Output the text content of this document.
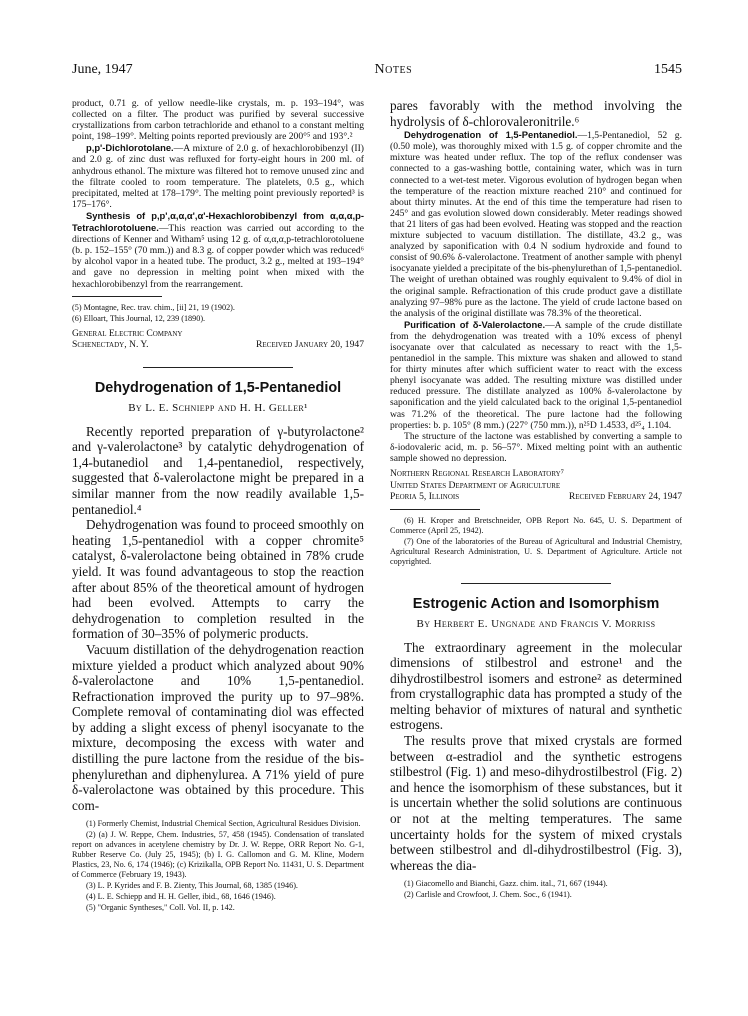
June, 1947	Notes	1545

product, 0.71 g. of yellow needle-like crystals, m. p. 193–194°, was collected on a filter. The product was purified by several successive crystallizations from carbon tetrachloride and ethanol to a constant melting point, 198–199°. Melting points reported previously are 200°⁵ and 193°.²

p,p'-Dichlorotolane.—A mixture of 2.0 g. of hexachlorobibenzyl (II) and 2.0 g. of zinc dust was refluxed for forty-eight hours in 200 ml. of anhydrous ethanol. The mixture was filtered hot to remove unused zinc and the filtrate cooled to room temperature. The platelets, 0.5 g., which precipitated, melted at 178–179°. The melting point previously reported³ is 175–176°.

Synthesis of p,p',α,α,α',α'-Hexachlorobibenzyl from α,α,α,p-Tetrachlorotoluene.—This reaction was carried out according to the directions of Kenner and Witham⁵ using 12 g. of α,α,α,p-tetrachlorotoluene (b. p. 152–155° (70 mm.)) and 8.3 g. of copper powder which was reduced⁶ by alcohol vapor in a heated tube. The product, 3.2 g., melted at 193–194° and gave no depression in melting point when mixed with the hexachlorobibenzyl from the rearrangement.

(5) Montagne, Rec. trav. chim., [ii] 21, 19 (1902).

(6) Elloart, This Journal, 12, 239 (1890).

General Electric Company
Schenectady, N. Y.	Received January 20, 1947
Dehydrogenation of 1,5-Pentanediol
By L. E. Schniepp and H. H. Geller¹

Recently reported preparation of γ-butyrolactone² and γ-valerolactone³ by catalytic dehydrogenation of 1,4-butanediol and 1,4-pentanediol, respectively, suggested that δ-valerolactone might be prepared in a similar manner from the now readily available 1,5-pentanediol.⁴

Dehydrogenation was found to proceed smoothly on heating 1,5-pentanediol with a copper chromite⁵ catalyst, δ-valerolactone being obtained in 78% crude yield. It was found advantageous to stop the reaction after about 85% of the theoretical amount of hydrogen had been evolved. Attempts to carry the dehydrogenation to completion resulted in the formation of 30–35% of polymeric products.

Vacuum distillation of the dehydrogenation reaction mixture yielded a product which analyzed about 90% δ-valerolactone and 10% 1,5-pentanediol. Refractionation improved the purity up to 97–98%. Complete removal of contaminating diol was effected by adding a slight excess of phenyl isocyanate to the mixture, decomposing the excess with water and distilling the pure lactone from the residue of the bis-phenylurethan and diphenylurea. A 71% yield of pure δ-valerolactone was obtained by this procedure. This com-

(1) Formerly Chemist, Industrial Chemical Section, Agricultural Residues Division.

(2) (a) J. W. Reppe, Chem. Industries, 57, 458 (1945). Condensation of translated report on advances in acetylene chemistry by Dr. J. W. Reppe, ORR Report No. G-1, Rubber Reserve Co. (July 25, 1945); (b) I. G. Callomon and G. M. Kline, Modern Plastics, 23, No. 6, 174 (1946); (c) Krizikalla, OPB Report No. 11431, U. S. Department of Commerce (February 19, 1943).

(3) L. P. Kyrides and F. B. Zienty, This Journal, 68, 1385 (1946).

(4) L. E. Schiepp and H. H. Geller, ibid., 68, 1646 (1946).

(5) "Organic Syntheses," Coll. Vol. II, p. 142.

pares favorably with the method involving the hydrolysis of δ-chlorovaleronitrile.⁶

Dehydrogenation of 1,5-Pentanediol.—1,5-Pentanediol, 52 g. (0.50 mole), was thoroughly mixed with 1.5 g. of copper chromite and the mixture was heated under reflux. The top of the reflux condenser was connected to a gas-washing bottle, containing water, which was in turn connected to a wet-test meter. Vigorous evolution of hydrogen began when the temperature of the reaction mixture reached 210° and continued for about thirty minutes. At the end of this time the temperature had risen to 245° and gas evolution slowed down considerably. Meter readings showed that 21 liters of gas had been evolved. Heating was stopped and the reaction mixture subjected to vacuum distillation. The distillate, 43.2 g., was analyzed by saponification with 0.4 N sodium hydroxide and found to consist of 90.6% δ-valerolactone. Treatment of another sample with phenyl isocyanate yielded a precipitate of the bis-phenylurethan of 1,5-pentanediol. The weight of urethan obtained was roughly equivalent to 9.4% of diol in the original sample. Refractionation of this crude product gave a distillate analyzing 97–98% pure as the lactone. The yield of crude lactone based on the analysis of the original distillate was 78.3% of the theoretical.

Purification of δ-Valerolactone.—A sample of the crude distillate from the dehydrogenation was treated with a 10% excess of phenyl isocyanate over that calculated as necessary to react with the 1,5-pentanediol in the sample. This mixture was shaken and allowed to stand for thirty minutes after which sufficient water to react with the excess phenyl isocyanate was added. The resulting mixture was distilled under reduced pressure. The distillate analyzed as 100% δ-valerolactone by saponification and the yield calculated back to the original 1,5-pentanediol was 71.2% of the theoretical. The pure lactone had the following properties: b. p. 105° (8 mm.) (227° (750 mm.)), n²⁵D 1.4533, d²⁵₄ 1.104.

The structure of the lactone was established by converting a sample to δ-iodovaleric acid, m. p. 56–57°. Mixed melting point with an authentic sample showed no depression.

Northern Regional Research Laboratory⁷
United States Department of Agriculture
Peoria 5, Illinois	Received February 24, 1947

(6) H. Kroper and Bretschneider, OPB Report No. 645, U. S. Department of Commerce (April 25, 1942).

(7) One of the laboratories of the Bureau of Agricultural and Industrial Chemistry, Agricultural Research Administration, U. S. Department of Agriculture. Article not copyrighted.

Estrogenic Action and Isomorphism
By Herbert E. Ungnade and Francis V. Morriss

The extraordinary agreement in the molecular dimensions of stilbestrol and estrone¹ and the dihydrostilbestrol isomers and estrone² as determined from crystallographic data has prompted a study of the melting behavior of mixtures of natural and synthetic estrogens.

The results prove that mixed crystals are formed between α-estradiol and the synthetic estrogens stilbestrol (Fig. 1) and meso-dihydrostilbestrol (Fig. 2) and hence the isomorphism of these substances, but it is uncertain whether the solid solutions are continuous or not at the melting temperatures. The same uncertainty holds for the system of mixed crystals between stilbestrol and dl-dihydrostilbestrol (Fig. 3), whereas the dia-

(1) Giacomello and Bianchi, Gazz. chim. ital., 71, 667 (1944).

(2) Carlisle and Crowfoot, J. Chem. Soc., 6 (1941).
